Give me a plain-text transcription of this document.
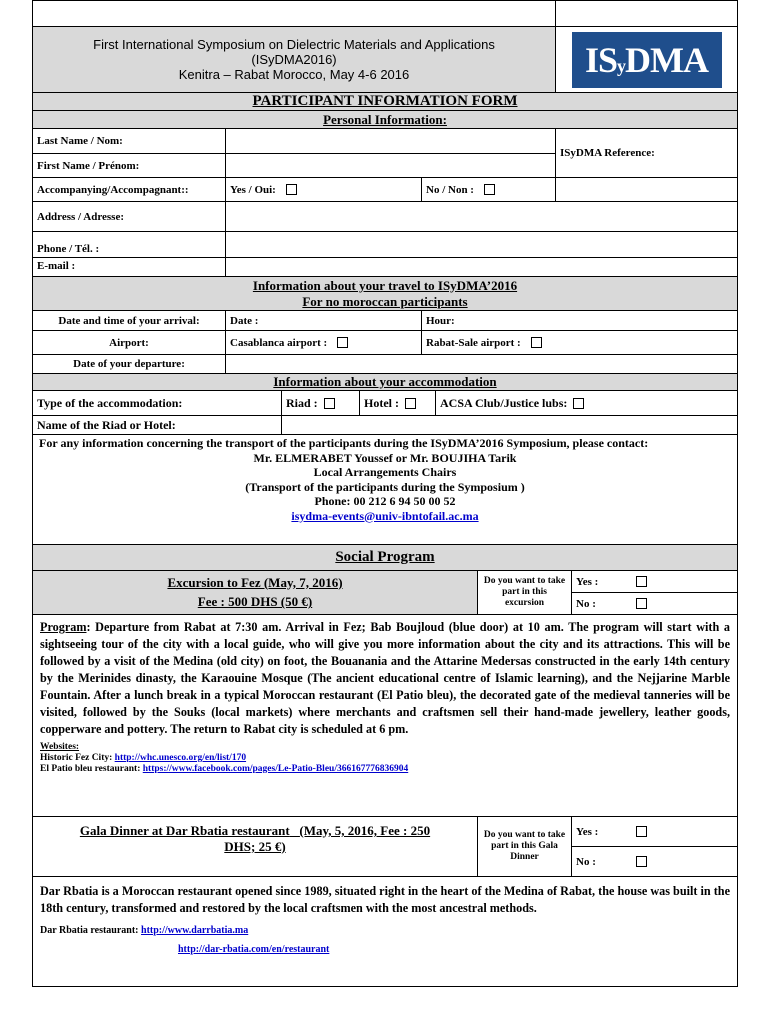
First International Symposium on Dielectric Materials and Applications
(ISyDMA2016)
Kenitra – Rabat Morocco, May 4-6 2016	IS y DMA
PARTICIPANT INFORMATION FORM
Personal Information:
Last Name / Nom:
First Name / Prénom:
ISyDMA Reference:
Accompanying/Accompagnant::	Yes / Oui:	No / Non :
Address / Adresse:
Phone / Tél. :
E-mail :
Information about your travel to ISyDMA’2016
For no moroccan participants
Date and time of your arrival:	Date :	Hour:
Airport:	Casablanca airport :	Rabat-Sale airport :
Date of your departure:
Information about your accommodation
Type of the accommodation:	Riad :	Hotel :	ACSA Club/Justice lubs:
Name of the Riad or Hotel:
For any information concerning the transport of the participants during the ISyDMA’2016 Symposium, please contact:
Mr. ELMERABET Youssef or Mr. BOUJIHA Tarik
Local Arrangements Chairs
(Transport of the participants during the Symposium )
Phone: 00 212 6 94 50 00 52
isydma-events@univ-ibntofail.ac.ma
Social Program
Excursion to Fez (May, 7, 2016)
Fee : 500 DHS (50 €)
Do you want to take part in this excursion
Yes :
No :
Program: Departure from Rabat at 7:30 am. Arrival in Fez; Bab Boujloud (blue door) at 10 am. The program will start with a sightseeing tour of the city with a local guide, who will give you more information about the city and its attractions. This will be followed by a visit of the Medina (old city) on foot, the Bouanania and the Attarine Medersas constructed in the early 14th century by the Merinides dinasty, the Karaouine Mosque (The ancient educational centre of Islamic learning), and the Nejjarine Marble Fountain. After a lunch break in a typical Moroccan restaurant (El Patio bleu), the decorated gate of the medieval tanneries will be visited, followed by the Souks (local markets) where merchants and craftsmen sell their hand-made jewellery, leather goods, copperware and pottery. The return to Rabat city is scheduled at 6 pm.
Websites:
Historic Fez City: http://whc.unesco.org/en/list/170
El Patio bleu restaurant: https://www.facebook.com/pages/Le-Patio-Bleu/366167776836904
Gala Dinner at Dar Rbatia restaurant (May, 5, 2016, Fee : 250
DHS; 25 €)
Do you want to take part in this Gala Dinner
Yes :
No :
Dar Rbatia is a Moroccan restaurant opened since 1989, situated right in the heart of the Medina of Rabat, the house was built in the 18th century, transformed and restored by the local craftsmen with the most ancestral methods.
Dar Rbatia restaurant: http://www.darrbatia.ma
http://dar-rbatia.com/en/restaurant
